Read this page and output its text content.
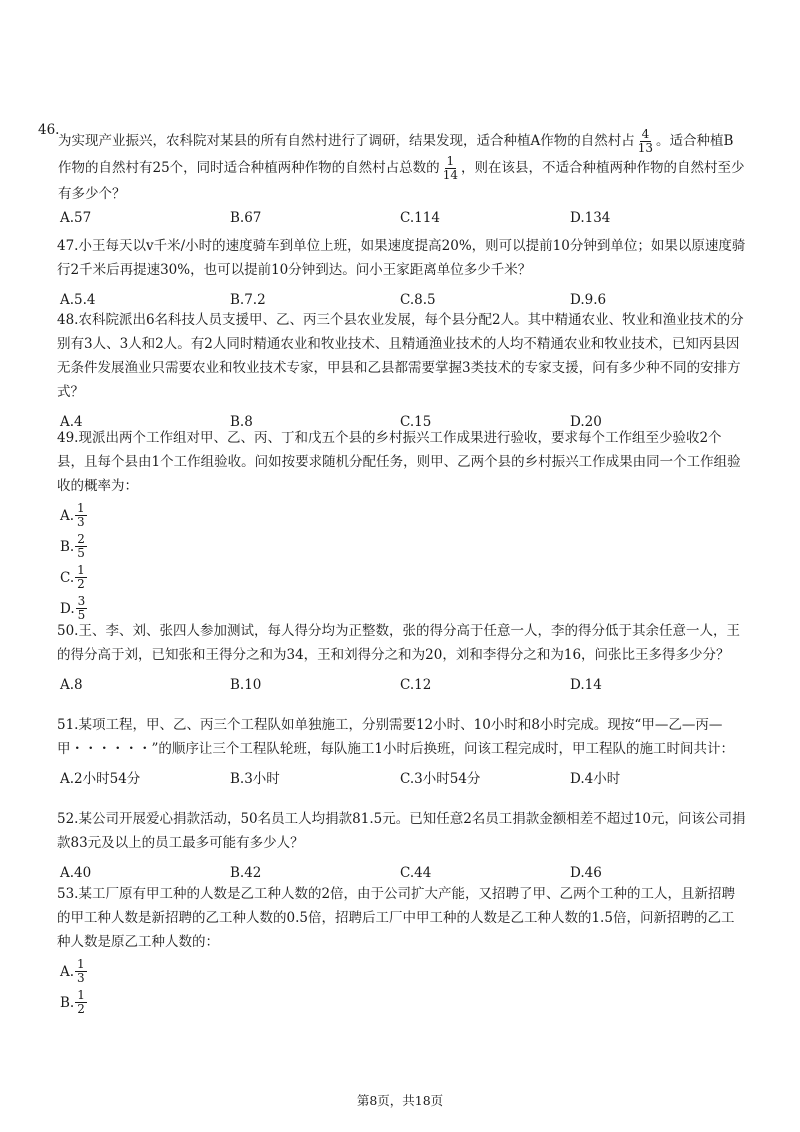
46.

为实现产业振兴，农科院对某县的所有自然村进行了调研，结果发现，适合种植A作物的自然村占 $\frac{4}{13}$ 。适合种植B作物的自然村有25个，同时适合种植两种作物的自然村占总数的 $\frac{1}{14}$ ，则在该县，不适合种植两种作物的自然村至少有多少个？

A.57	B.67	C.114	D.134

47.小王每天以v千米/小时的速度骑车到单位上班，如果速度提高20%，则可以提前10分钟到单位；如果以原速度骑行2千米后再提速30%，也可以提前10分钟到达。问小王家距离单位多少千米？

A.5.4	B.7.2	C.8.5	D.9.6

48.农科院派出6名科技人员支援甲、乙、丙三个县农业发展，每个县分配2人。其中精通农业、牧业和渔业技术的分别有3人、3人和2人。有2人同时精通农业和牧业技术、且精通渔业技术的人均不精通农业和牧业技术，已知丙县因无条件发展渔业只需要农业和牧业技术专家，甲县和乙县都需要掌握3类技术的专家支援，问有多少种不同的安排方式？

A.4	B.8	C.15	D.20

49.现派出两个工作组对甲、乙、丙、丁和戊五个县的乡村振兴工作成果进行验收，要求每个工作组至少验收2个县，且每个县由1个工作组验收。问如按要求随机分配任务，则甲、乙两个县的乡村振兴工作成果由同一个工作组验收的概率为：

A. $\frac{1}{3}$
B. $\frac{2}{5}$
C. $\frac{1}{2}$
D. $\frac{3}{5}$

50.王、李、刘、张四人参加测试，每人得分均为正整数，张的得分高于任意一人，李的得分低于其余任意一人，王的得分高于刘，已知张和王得分之和为34，王和刘得分之和为20，刘和李得分之和为16，问张比王多得多少分？

A.8	B.10	C.12	D.14

51.某项工程，甲、乙、丙三个工程队如单独施工，分别需要12小时、10小时和8小时完成。现按“甲—乙—丙—甲・・・・・・”的顺序让三个工程队轮班，每队施工1小时后换班，问该工程完成时，甲工程队的施工时间共计：

A.2小时54分	B.3小时	C.3小时54分	D.4小时

52.某公司开展爱心捐款活动，50名员工人均捐款81.5元。已知任意2名员工捐款金额相差不超过10元，问该公司捐款83元及以上的员工最多可能有多少人？

A.40	B.42	C.44	D.46

53.某工厂原有甲工种的人数是乙工种人数的2倍，由于公司扩大产能，又招聘了甲、乙两个工种的工人，且新招聘的甲工种人数是新招聘的乙工种人数的0.5倍，招聘后工厂中甲工种的人数是乙工种人数的1.5倍，问新招聘的乙工种人数是原乙工种人数的：

A. $\frac{1}{3}$
B. $\frac{1}{2}$
第8页，共18页
